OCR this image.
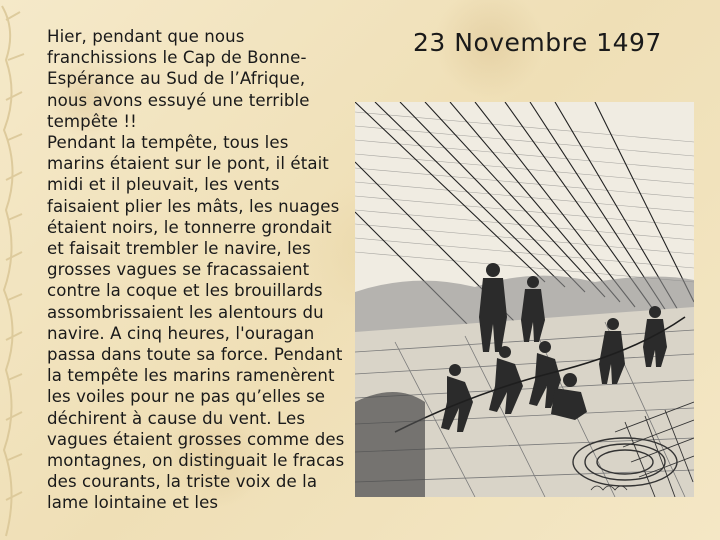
Hier, pendant que nous franchissions le Cap de Bonne-Espérance au Sud de l’Afrique, nous avons essuyé une terrible tempête !!

Pendant la tempête, tous les marins étaient sur le pont, il était midi et il pleuvait, les vents faisaient plier les mâts, les nuages étaient noirs, le tonnerre grondait et faisait trembler le navire, les grosses vagues se fracassaient contre la coque et les brouillards assombrissaient les alentours du navire. A cinq heures, l'ouragan passa dans toute sa force. Pendant la tempête les marins ramenèrent les voiles pour ne pas qu’elles se déchirent à cause du vent. Les vagues étaient grosses comme des montagnes, on distinguait le fracas des courants, la triste voix de la lame lointaine et les

23 Novembre 1497
